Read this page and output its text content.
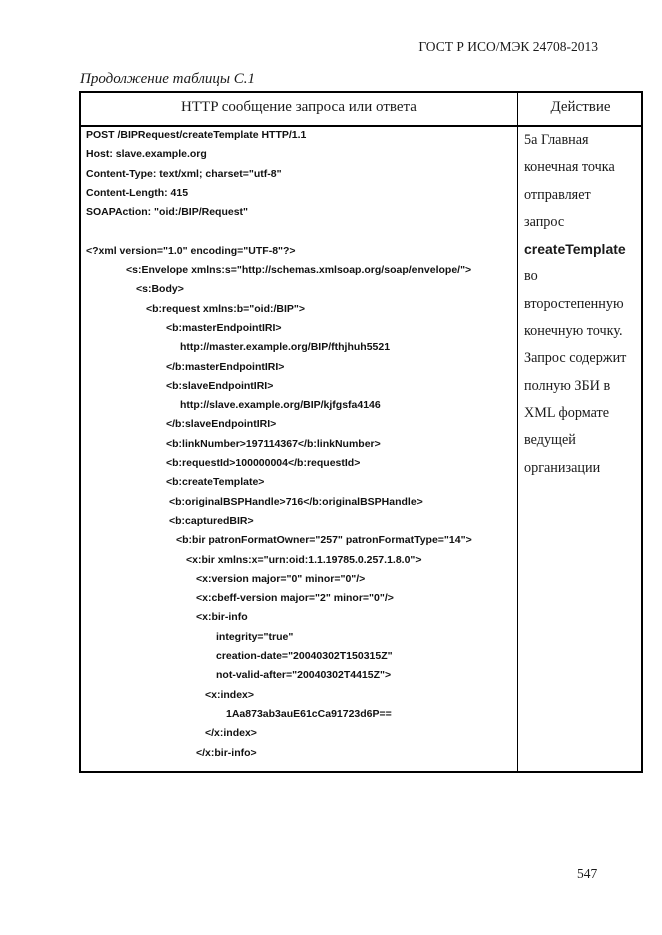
ГОСТ Р ИСО/МЭК 24708-2013
Продолжение таблицы С.1
HTTP сообщение запроса или ответа	Действие
POST /BIPRequest/createTemplate HTTP/1.1
Host: slave.example.org
Content-Type: text/xml; charset="utf-8"
Content-Length: 415
SOAPAction: "oid:/BIP/Request"
<?xml version="1.0" encoding="UTF-8"?>
<s:Envelope xmlns:s="http://schemas.xmlsoap.org/soap/envelope/">
<s:Body>
<b:request xmlns:b="oid:/BIP">
<b:masterEndpointIRI>
http://master.example.org/BIP/fthjhuh5521
</b:masterEndpointIRI>
<b:slaveEndpointIRI>
http://slave.example.org/BIP/kjfgsfa4146
</b:slaveEndpointIRI>
<b:linkNumber>197114367</b:linkNumber>
<b:requestId>100000004</b:requestId>
<b:createTemplate>
<b:originalBSPHandle>716</b:originalBSPHandle>
<b:capturedBIR>
<b:bir patronFormatOwner="257" patronFormatType="14">
<x:bir xmlns:x="urn:oid:1.1.19785.0.257.1.8.0">
<x:version major="0" minor="0"/>
<x:cbeff-version major="2" minor="0"/>
<x:bir-info
integrity="true"
creation-date="20040302T150315Z"
not-valid-after="20040302T4415Z">
<x:index>
1Aa873ab3auE61cCa91723d6P==
</x:index>
</x:bir-info>
5а Главная
конечная точка
отправляет
запрос
createTemplate
во
второстепенную
конечную точку.
Запрос содержит
полную ЗБИ в
XML формате
ведущей
организации
547
